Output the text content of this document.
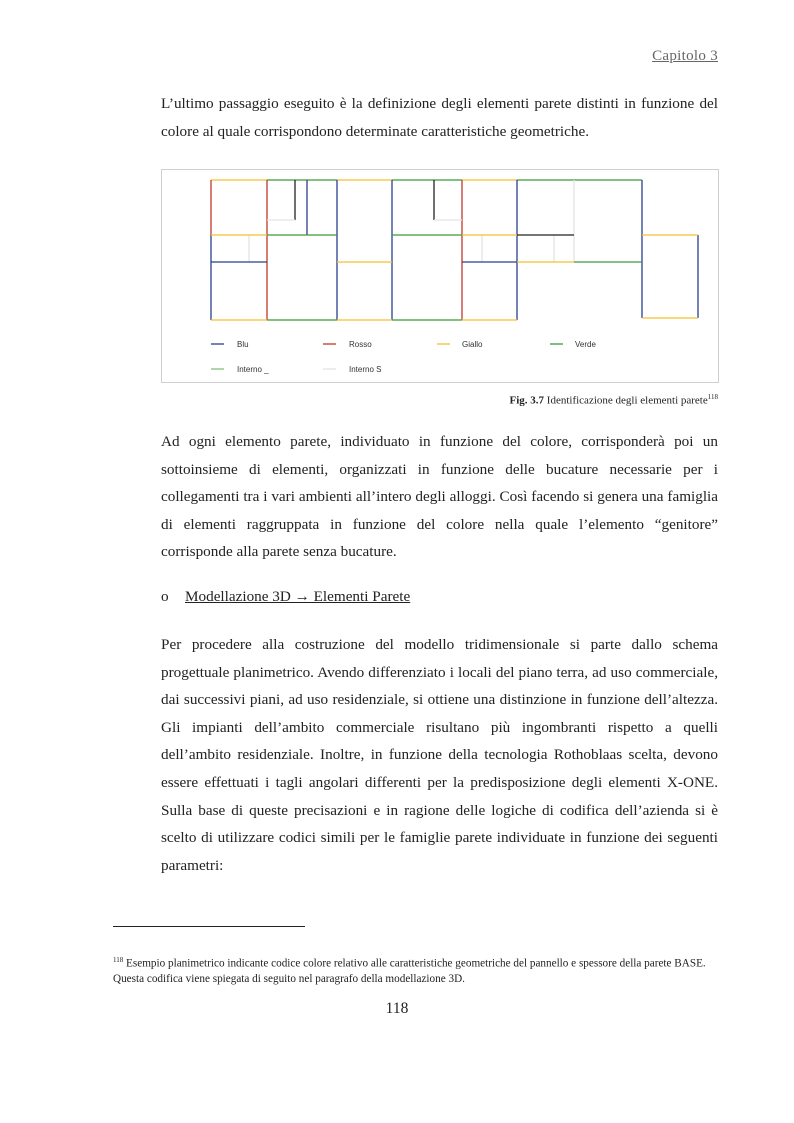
Capitolo 3

L’ultimo passaggio eseguito è la definizione degli elementi parete distinti in funzione del colore al quale corrispondono determinate caratteristiche geometriche.

Blu	Rosso	Giallo	Verde
Interno _	Interno S
Fig. 3.7 Identificazione degli elementi parete$^{118}$

Ad ogni elemento parete, individuato in funzione del colore, corrisponderà poi un sottoinsieme di elementi, organizzati in funzione delle bucature necessarie per i collegamenti tra i vari ambienti all’intero degli alloggi. Così facendo si genera una famiglia di elementi raggruppata in funzione del colore nella quale l’elemento “genitore” corrisponde alla parete senza bucature.

o Modellazione 3D → Elementi Parete

Per procedere alla costruzione del modello tridimensionale si parte dallo schema progettuale planimetrico. Avendo differenziato i locali del piano terra, ad uso commerciale, dai successivi piani, ad uso residenziale, si ottiene una distinzione in funzione dell’altezza. Gli impianti dell’ambito commerciale risultano più ingombranti rispetto a quelli dell’ambito residenziale. Inoltre, in funzione della tecnologia Rothoblaas scelta, devono essere effettuati i tagli angolari differenti per la predisposizione degli elementi X-ONE. Sulla base di queste precisazioni e in ragione delle logiche di codifica dell’azienda si è scelto di utilizzare codici simili per le famiglie parete individuate in funzione dei seguenti parametri:

$^{118}$ Esempio planimetrico indicante codice colore relativo alle caratteristiche geometriche del pannello e spessore della parete BASE. Questa codifica viene spiegata di seguito nel paragrafo della modellazione 3D.
118
